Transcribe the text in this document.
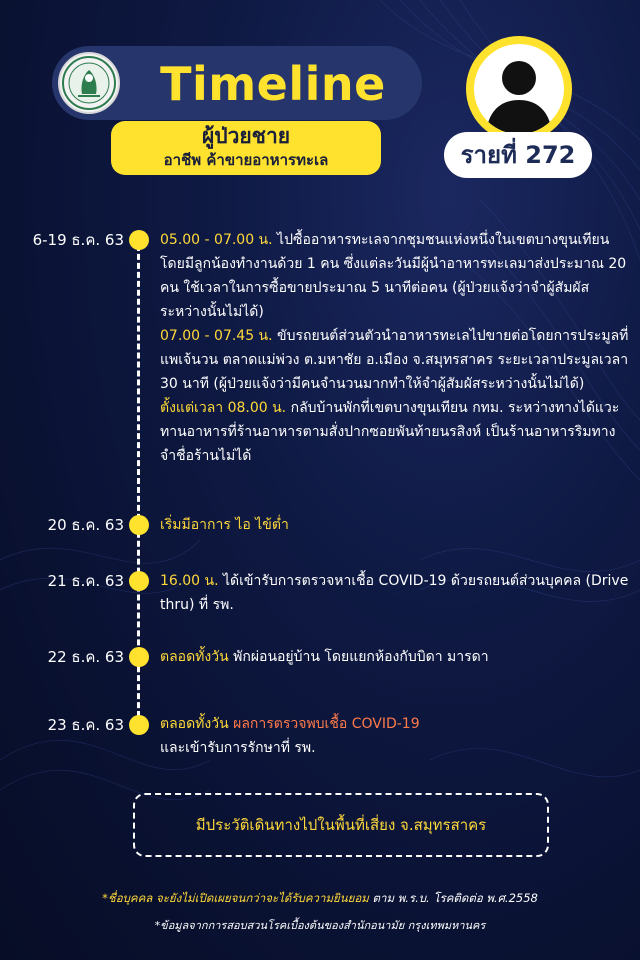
Timeline
ผู้ป่วยชาย
อาชีพ ค้าขายอาหารทะเล	รายที่ 272
6-19 ธ.ค. 63	05.00 - 07.00 น. ไปซื้ออาหารทะเลจากชุมชนแห่งหนึ่งในเขตบางขุนเทียนโดยมีลูกน้องทำงานด้วย 1 คน ซึ่งแต่ละวันมีผู้นำอาหารทะเลมาส่งประมาณ 20 คน ใช้เวลาในการซื้อขายประมาณ 5 นาทีต่อคน (ผู้ป่วยแจ้งว่าจำผู้สัมผัสระหว่างนั้นไม่ได้)

07.00 - 07.45 น. ขับรถยนต์ส่วนตัวนำอาหารทะเลไปขายต่อโดยการประมูลที่แพเจ้นวน ตลาดแม่พ่วง ต.มหาชัย อ.เมือง จ.สมุทรสาคร ระยะเวลาประมูลเวลา 30 นาที (ผู้ป่วยแจ้งว่ามีคนจำนวนมากทำให้จำผู้สัมผัสระหว่างนั้นไม่ได้)

ตั้งแต่เวลา 08.00 น. กลับบ้านพักที่เขตบางขุนเทียน กทม. ระหว่างทางได้แวะทานอาหารที่ร้านอาหารตามสั่งปากซอยพันท้ายนรสิงห์ เป็นร้านอาหารริมทาง จำชื่อร้านไม่ได้

20 ธ.ค. 63	เริ่มมีอาการ ไอ ไข้ต่ำ

21 ธ.ค. 63	16.00 น. ได้เข้ารับการตรวจหาเชื้อ COVID-19 ด้วยรถยนต์ส่วนบุคคล (Drive thru) ที่ รพ.

22 ธ.ค. 63	ตลอดทั้งวัน พักผ่อนอยู่บ้าน โดยแยกห้องกับบิดา มารดา

23 ธ.ค. 63	ตลอดทั้งวัน ผลการตรวจพบเชื้อ COVID-19

และเข้ารับการรักษาที่ รพ.

มีประวัติเดินทางไปในพื้นที่เสี่ยง จ.สมุทรสาคร
*ชื่อบุคคล จะยังไม่เปิดเผยจนกว่าจะได้รับความยินยอม ตาม พ.ร.บ. โรคติดต่อ พ.ศ.2558
*ข้อมูลจากการสอบสวนโรคเบื้องต้นของสำนักอนามัย กรุงเทพมหานคร
